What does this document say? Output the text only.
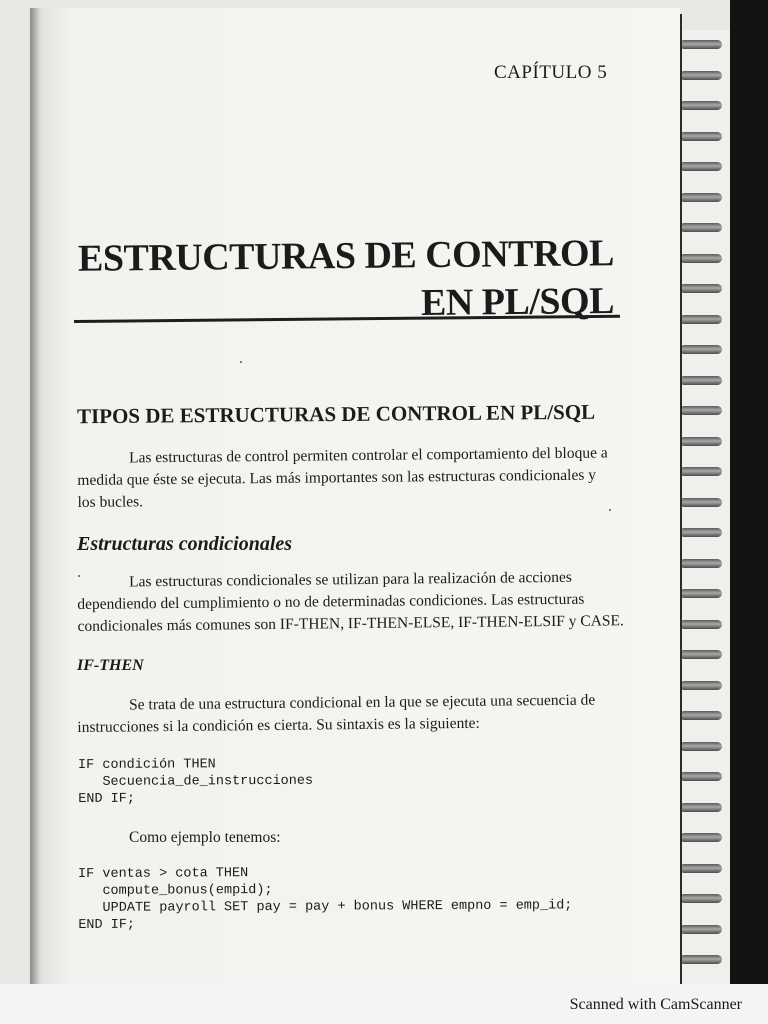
CAPÍTULO 5
ESTRUCTURAS DE CONTROL
EN PL/SQL
TIPOS DE ESTRUCTURAS DE CONTROL EN PL/SQL
Las estructuras de control permiten controlar el comportamiento del bloque a
medida que éste se ejecuta. Las más importantes son las estructuras condicionales y
los bucles.
Estructuras condicionales
Las estructuras condicionales se utilizan para la realización de acciones
dependiendo del cumplimiento o no de determinadas condiciones. Las estructuras
condicionales más comunes son IF-THEN, IF-THEN-ELSE, IF-THEN-ELSIF y CASE.
IF-THEN
Se trata de una estructura condicional en la que se ejecuta una secuencia de
instrucciones si la condición es cierta. Su sintaxis es la siguiente:
IF condición THEN
Secuencia_de_instrucciones
END IF;
Como ejemplo tenemos:
IF ventas > cota THEN
compute_bonus(empid);
UPDATE payroll SET pay = pay + bonus WHERE empno = emp_id;
END IF;
Scanned with CamScanner
